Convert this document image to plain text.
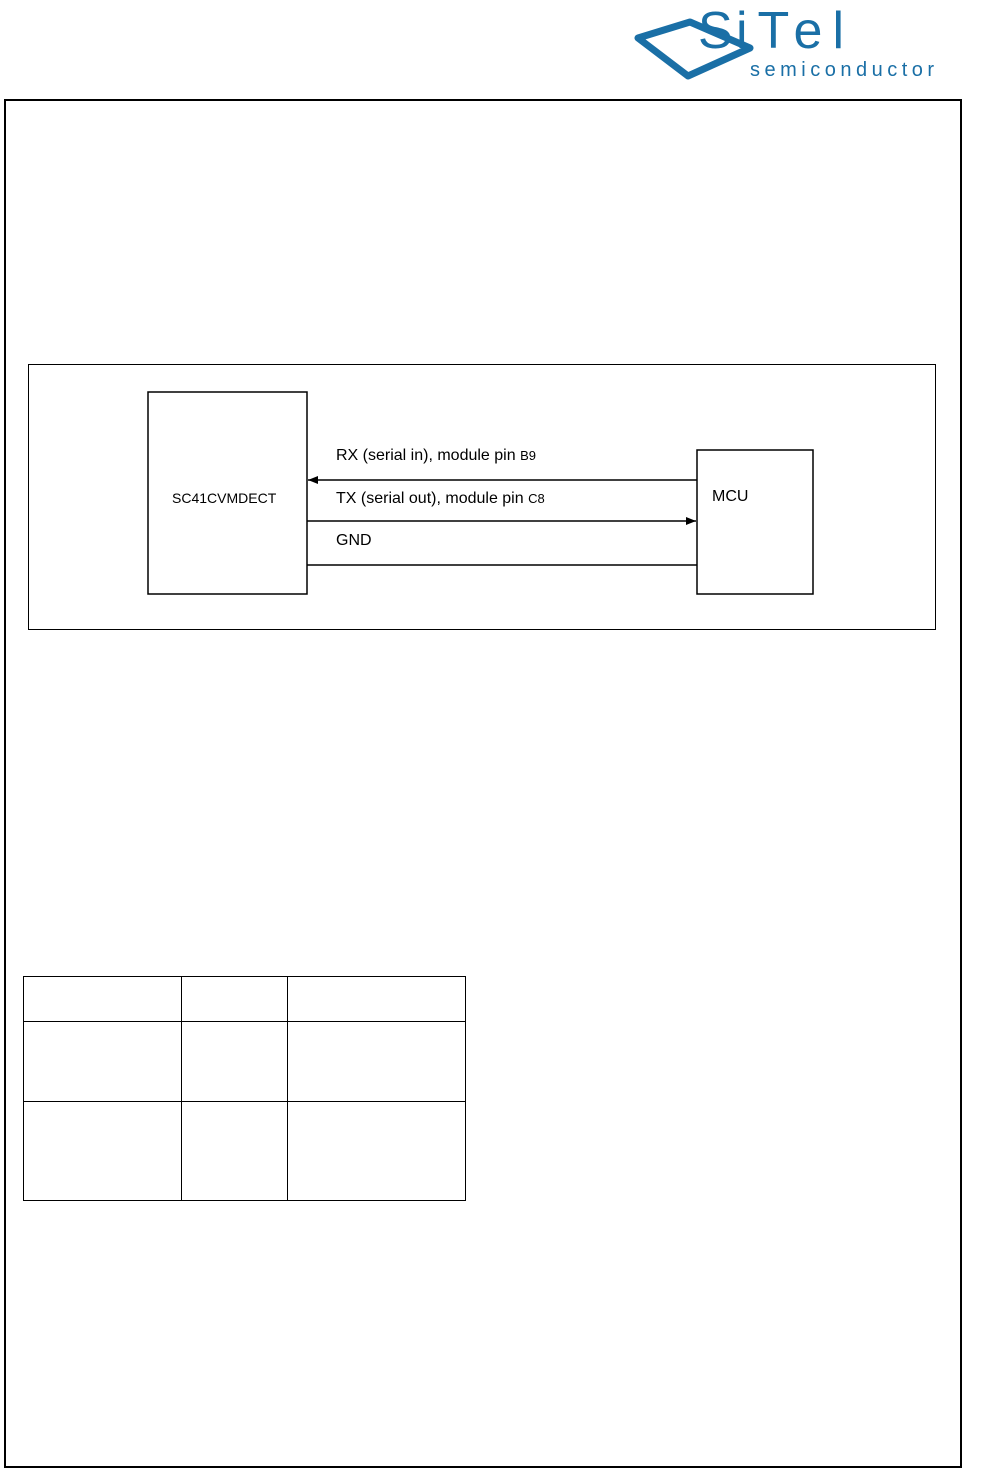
S iTel
semiconductor
SC41CVMDECT	MCU
RX (serial in), module pin B9
TX (serial out), module pin C8
GND
